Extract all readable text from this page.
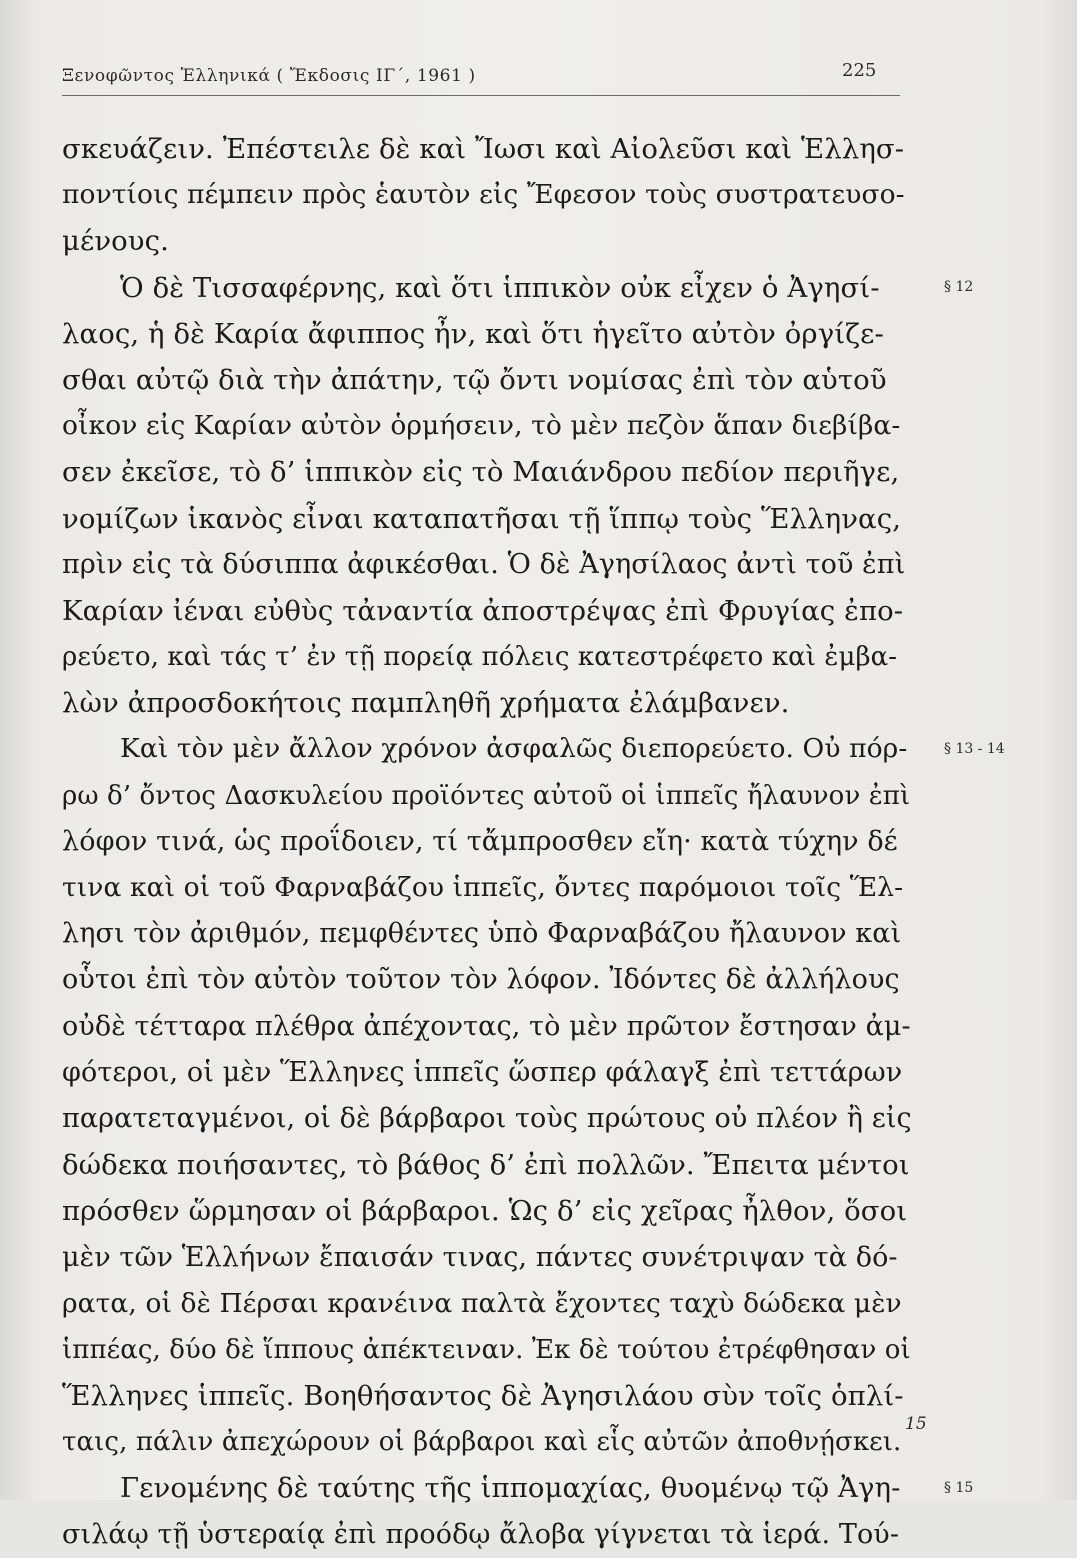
Ξενοφῶντος Ἑλληνικά ( Ἔκδοσις ΙΓ΄, 1961 )	225
σκευάζειν. Ἐπέστειλε δὲ καὶ Ἴωσι καὶ Αἰολεῦσι καὶ Ἑλλησ-
ποντίοις πέμπειν πρὸς ἑαυτὸν εἰς Ἔφεσον τοὺς συστρατευσο-
μένους.
Ὁ δὲ Τισσαφέρνης, καὶ ὅτι ἱππικὸν οὐκ εἶχεν ὁ Ἀγησί-
λαος, ἡ δὲ Καρία ἄφιππος ἦν, καὶ ὅτι ἡγεῖτο αὐτὸν ὀργίζε-
σθαι αὐτῷ διὰ τὴν ἀπάτην, τῷ ὄντι νομίσας ἐπὶ τὸν αὑτοῦ
οἶκον εἰς Καρίαν αὐτὸν ὁρμήσειν, τὸ μὲν πεζὸν ἅπαν διεβίβα-
σεν ἐκεῖσε, τὸ δ’ ἱππικὸν εἰς τὸ Μαιάνδρου πεδίον περιῆγε,
νομίζων ἱκανὸς εἶναι καταπατῆσαι τῇ ἵππῳ τοὺς Ἕλληνας,
πρὶν εἰς τὰ δύσιππα ἀφικέσθαι. Ὁ δὲ Ἀγησίλαος ἀντὶ τοῦ ἐπὶ
Καρίαν ἰέναι εὐθὺς τἀναντία ἀποστρέψας ἐπὶ Φρυγίας ἐπο-
ρεύετο, καὶ τάς τ’ ἐν τῇ πορείᾳ πόλεις κατεστρέφετο καὶ ἐμβα-
λὼν ἀπροσδοκήτοις παμπληθῆ χρήματα ἐλάμβανεν.
Καὶ τὸν μὲν ἄλλον χρόνον ἀσφαλῶς διεπορεύετο. Οὐ πόρ-
ρω δ’ ὄντος Δασκυλείου προϊόντες αὐτοῦ οἱ ἱππεῖς ἤλαυνον ἐπὶ
λόφον τινά, ὡς προΐδοιεν, τί τἄμπροσθεν εἴη· κατὰ τύχην δέ
τινα καὶ οἱ τοῦ Φαρναβάζου ἱππεῖς, ὄντες παρόμοιοι τοῖς Ἕλ-
λησι τὸν ἀριθμόν, πεμφθέντες ὑπὸ Φαρναβάζου ἤλαυνον καὶ
οὗτοι ἐπὶ τὸν αὐτὸν τοῦτον τὸν λόφον. Ἰδόντες δὲ ἀλλήλους
οὐδὲ τέτταρα πλέθρα ἀπέχοντας, τὸ μὲν πρῶτον ἔστησαν ἀμ-
φότεροι, οἱ μὲν Ἕλληνες ἱππεῖς ὥσπερ φάλαγξ ἐπὶ τεττάρων
παρατεταγμένοι, οἱ δὲ βάρβαροι τοὺς πρώτους οὐ πλέον ἢ εἰς
δώδεκα ποιήσαντες, τὸ βάθος δ’ ἐπὶ πολλῶν. Ἔπειτα μέντοι
πρόσθεν ὥρμησαν οἱ βάρβαροι. Ὡς δ’ εἰς χεῖρας ἦλθον, ὅσοι
μὲν τῶν Ἑλλήνων ἔπαισάν τινας, πάντες συνέτριψαν τὰ δό-
ρατα, οἱ δὲ Πέρσαι κρανέινα παλτὰ ἔχοντες ταχὺ δώδεκα μὲν
ἱππέας, δύο δὲ ἵππους ἀπέκτειναν. Ἐκ δὲ τούτου ἐτρέφθησαν οἱ
Ἕλληνες ἱππεῖς. Βοηθήσαντος δὲ Ἀγησιλάου σὺν τοῖς ὁπλί-
ταις, πάλιν ἀπεχώρουν οἱ βάρβαροι καὶ εἷς αὐτῶν ἀποθνῄσκει.
Γενομένης δὲ ταύτης τῆς ἱππομαχίας, θυομένῳ τῷ Ἀγη-
σιλάῳ τῇ ὑστεραίᾳ ἐπὶ προόδῳ ἄλοβα γίγνεται τὰ ἱερά. Τού-
§ 12
§ 13 - 14
§ 15
15
